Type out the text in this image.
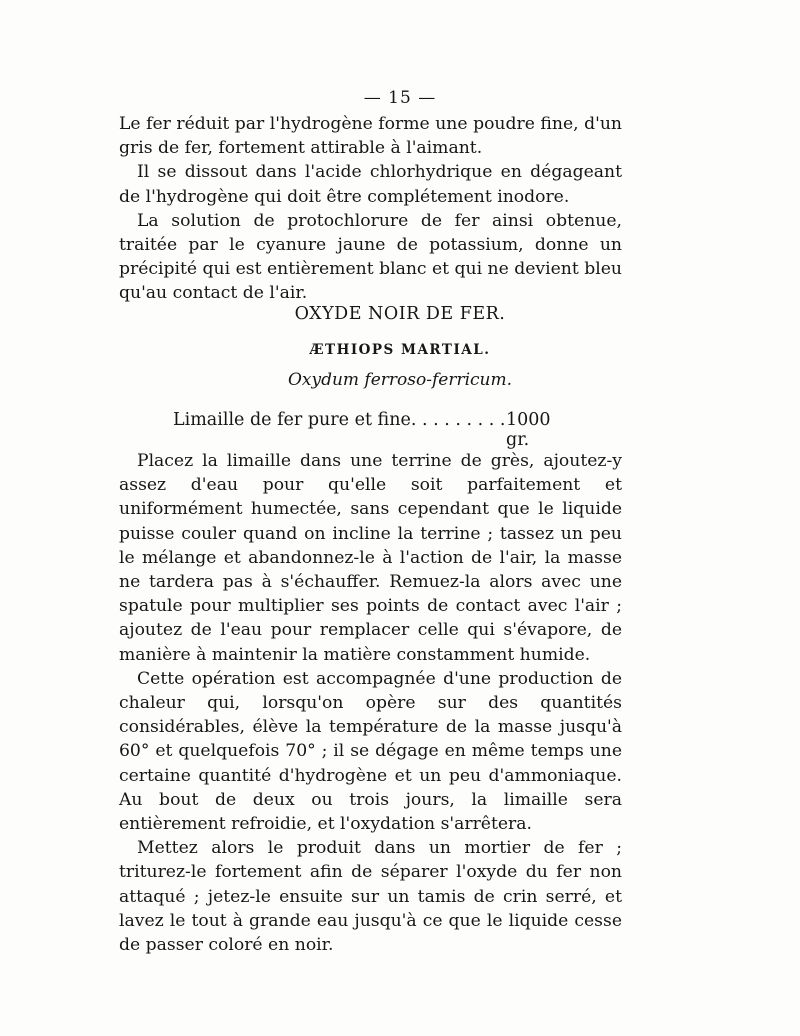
— 15 —

Le fer réduit par l'hydrogène forme une poudre fine, d'un gris de fer, fortement attirable à l'aimant.

Il se dissout dans l'acide chlorhydrique en dégageant de l'hydrogène qui doit être complétement inodore.

La solution de protochlorure de fer ainsi obtenue, traitée par le cyanure jaune de potassium, donne un précipité qui est entièrement blanc et qui ne devient bleu qu'au contact de l'air.

OXYDE NOIR DE FER.
ÆTHIOPS MARTIAL.
Oxydum ferroso-ferricum.
Limaille de fer pure et fine. . . . . . . . . 1000 gr.

Placez la limaille dans une terrine de grès, ajoutez-y assez d'eau pour qu'elle soit parfaitement et uniformément humectée, sans cependant que le liquide puisse couler quand on incline la terrine ; tassez un peu le mélange et abandonnez-le à l'action de l'air, la masse ne tardera pas à s'échauffer. Remuez-la alors avec une spatule pour multiplier ses points de contact avec l'air ; ajoutez de l'eau pour remplacer celle qui s'évapore, de manière à maintenir la matière constamment humide.

Cette opération est accompagnée d'une production de chaleur qui, lorsqu'on opère sur des quantités considérables, élève la température de la masse jusqu'à 60° et quelquefois 70° ; il se dégage en même temps une certaine quantité d'hydrogène et un peu d'ammoniaque. Au bout de deux ou trois jours, la limaille sera entièrement refroidie, et l'oxydation s'arrêtera.

Mettez alors le produit dans un mortier de fer ; triturez-le fortement afin de séparer l'oxyde du fer non attaqué ; jetez-le ensuite sur un tamis de crin serré, et lavez le tout à grande eau jusqu'à ce que le liquide cesse de passer coloré en noir.
